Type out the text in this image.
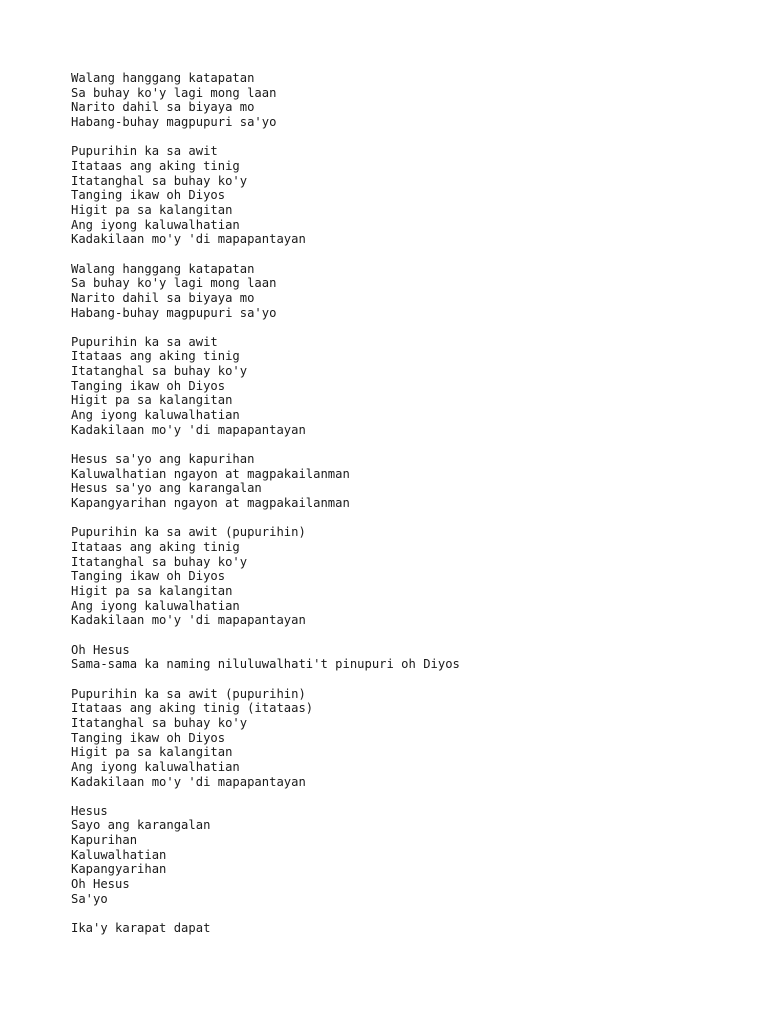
Walang hanggang katapatan
Sa buhay ko'y lagi mong laan
Narito dahil sa biyaya mo
Habang-buhay magpupuri sa'yo
Pupurihin ka sa awit
Itataas ang aking tinig
Itatanghal sa buhay ko'y
Tanging ikaw oh Diyos
Higit pa sa kalangitan
Ang iyong kaluwalhatian
Kadakilaan mo'y 'di mapapantayan
Walang hanggang katapatan
Sa buhay ko'y lagi mong laan
Narito dahil sa biyaya mo
Habang-buhay magpupuri sa'yo
Pupurihin ka sa awit
Itataas ang aking tinig
Itatanghal sa buhay ko'y
Tanging ikaw oh Diyos
Higit pa sa kalangitan
Ang iyong kaluwalhatian
Kadakilaan mo'y 'di mapapantayan
Hesus sa'yo ang kapurihan
Kaluwalhatian ngayon at magpakailanman
Hesus sa'yo ang karangalan
Kapangyarihan ngayon at magpakailanman
Pupurihin ka sa awit (pupurihin)
Itataas ang aking tinig
Itatanghal sa buhay ko'y
Tanging ikaw oh Diyos
Higit pa sa kalangitan
Ang iyong kaluwalhatian
Kadakilaan mo'y 'di mapapantayan
Oh Hesus
Sama-sama ka naming niluluwalhati't pinupuri oh Diyos
Pupurihin ka sa awit (pupurihin)
Itataas ang aking tinig (itataas)
Itatanghal sa buhay ko'y
Tanging ikaw oh Diyos
Higit pa sa kalangitan
Ang iyong kaluwalhatian
Kadakilaan mo'y 'di mapapantayan
Hesus
Sayo ang karangalan
Kapurihan
Kaluwalhatian
Kapangyarihan
Oh Hesus
Sa'yo
Ika'y karapat dapat
